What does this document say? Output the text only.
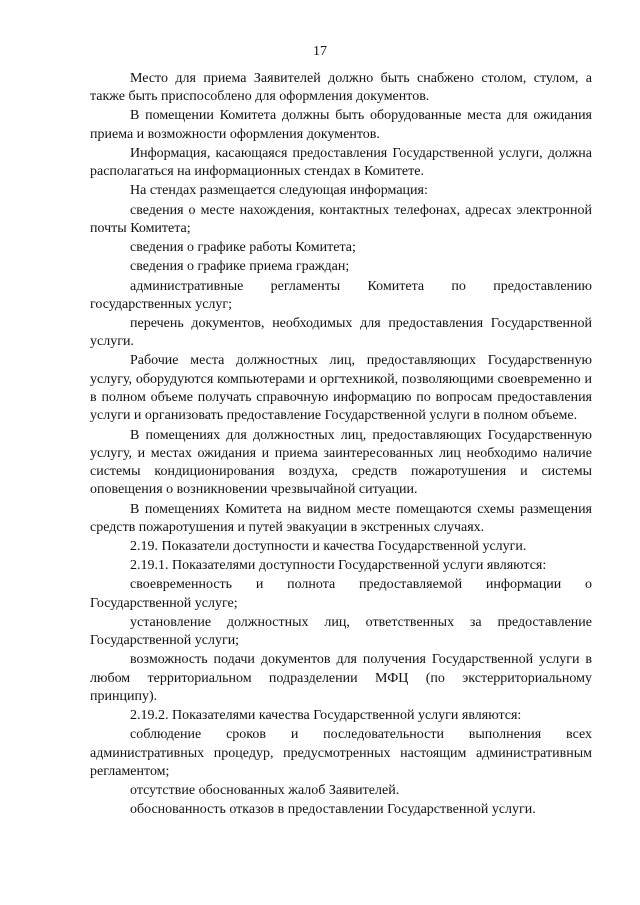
17

Место для приема Заявителей должно быть снабжено столом, стулом, а также быть приспособлено для оформления документов.

В помещении Комитета должны быть оборудованные места для ожидания приема и возможности оформления документов.

Информация, касающаяся предоставления Государственной услуги, должна располагаться на информационных стендах в Комитете.

На стендах размещается следующая информация:

сведения о месте нахождения, контактных телефонах, адресах электронной почты Комитета;

сведения о графике работы Комитета;

сведения о графике приема граждан;

административные регламенты Комитета по предоставлению государственных услуг;

перечень документов, необходимых для предоставления Государственной услуги.

Рабочие места должностных лиц, предоставляющих Государственную услугу, оборудуются компьютерами и оргтехникой, позволяющими своевременно и в полном объеме получать справочную информацию по вопросам предоставления услуги и организовать предоставление Государственной услуги в полном объеме.

В помещениях для должностных лиц, предоставляющих Государственную услугу, и местах ожидания и приема заинтересованных лиц необходимо наличие системы кондиционирования воздуха, средств пожаротушения и системы оповещения о возникновении чрезвычайной ситуации.

В помещениях Комитета на видном месте помещаются схемы размещения средств пожаротушения и путей эвакуации в экстренных случаях.

2.19. Показатели доступности и качества Государственной услуги.

2.19.1. Показателями доступности Государственной услуги являются:

своевременность и полнота предоставляемой информации о Государственной услуге;

установление должностных лиц, ответственных за предоставление Государственной услуги;

возможность подачи документов для получения Государственной услуги в любом территориальном подразделении МФЦ (по экстерриториальному принципу).

2.19.2. Показателями качества Государственной услуги являются:

соблюдение сроков и последовательности выполнения всех административных процедур, предусмотренных настоящим административным регламентом;

отсутствие обоснованных жалоб Заявителей.

обоснованность отказов в предоставлении Государственной услуги.
